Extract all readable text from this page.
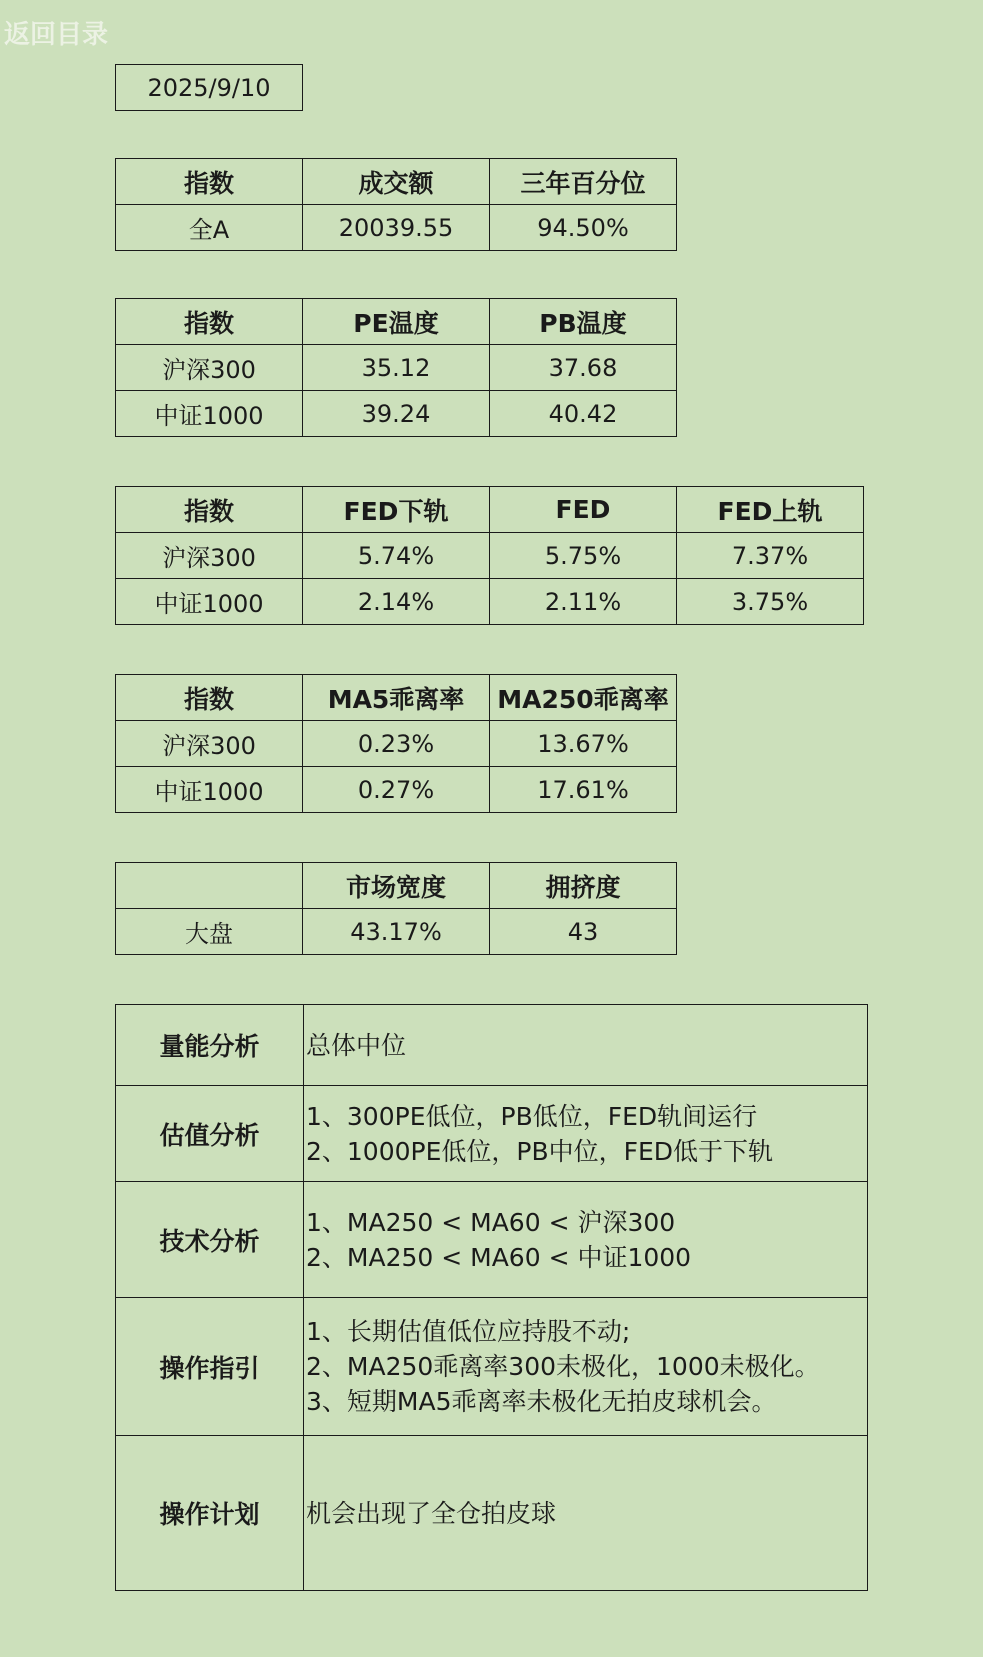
返回目录
2025/9/10
指数	成交额	三年百分位
全A	20039.55	94.50%
指数	PE温度	PB温度
沪深300	35.12	37.68
中证1000	39.24	40.42
指数	FED下轨	FED	FED上轨
沪深300	5.74%	5.75%	7.37%
中证1000	2.14%	2.11%	3.75%
指数	MA5乖离率	MA250乖离率
沪深300	0.23%	13.67%
中证1000	0.27%	17.61%
	市场宽度	拥挤度
大盘	43.17%	43
量能分析	总体中位

估值分析	1、300PE低位，PB低位，FED轨间运行
2、1000PE低位，PB中位，FED低于下轨

技术分析	1、MA250 < MA60 < 沪深300
2、MA250 < MA60 < 中证1000

操作指引	1、长期估值低位应持股不动;
2、MA250乖离率300未极化，1000未极化。
3、短期MA5乖离率未极化无拍皮球机会。

操作计划	机会出现了全仓拍皮球
